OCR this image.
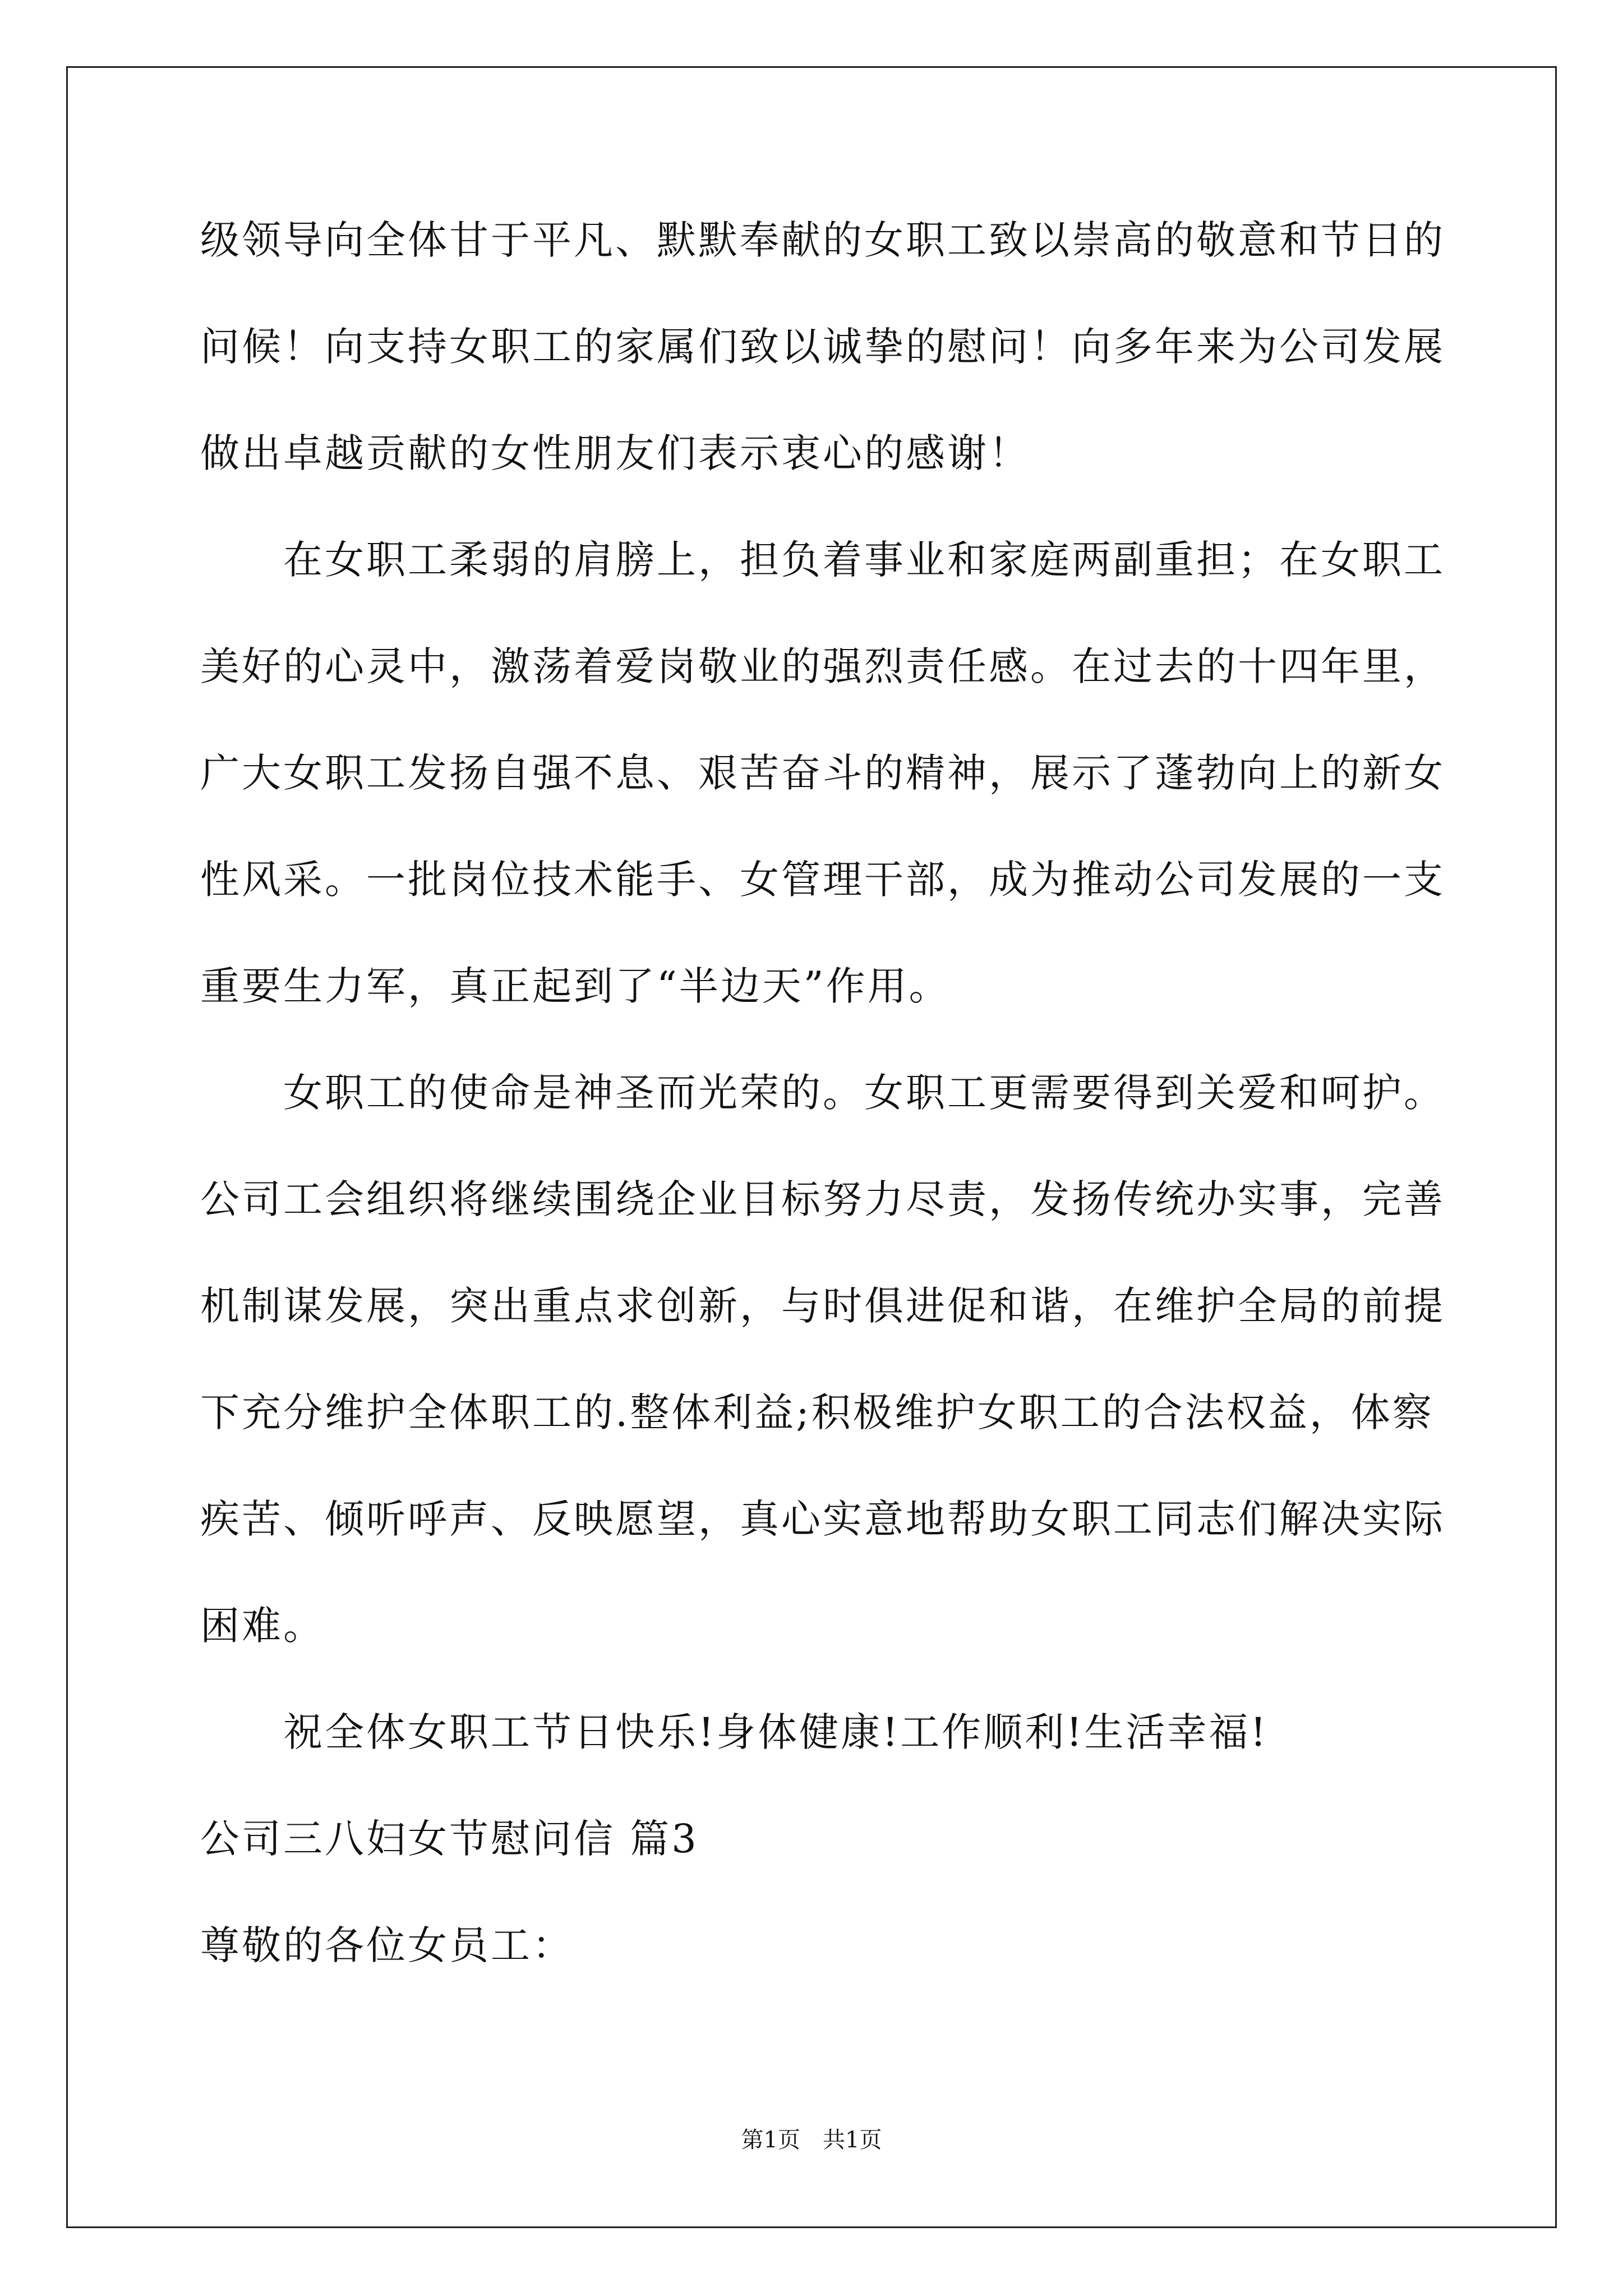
级领导向全体甘于平凡、默默奉献的女职工致以崇高的敬意和节日的
问候！向支持女职工的家属们致以诚挚的慰问！向多年来为公司发展
做出卓越贡献的女性朋友们表示衷心的感谢！
在女职工柔弱的肩膀上，担负着事业和家庭两副重担；在女职工
美好的心灵中，激荡着爱岗敬业的强烈责任感。在过去的十四年里，
广大女职工发扬自强不息、艰苦奋斗的精神，展示了蓬勃向上的新女
性风采。一批岗位技术能手、女管理干部，成为推动公司发展的一支
重要生力军，真正起到了“半边天”作用。
女职工的使命是神圣而光荣的。女职工更需要得到关爱和呵护。
公司工会组织将继续围绕企业目标努力尽责，发扬传统办实事，完善
机制谋发展，突出重点求创新，与时俱进促和谐，在维护全局的前提
下充分维护全体职工的.整体利益;积极维护女职工的合法权益，体察
疾苦、倾听呼声、反映愿望，真心实意地帮助女职工同志们解决实际
困难。
祝全体女职工节日快乐!身体健康!工作顺利!生活幸福!
公司三八妇女节慰问信 篇3
尊敬的各位女员工：
第1页　共1页
